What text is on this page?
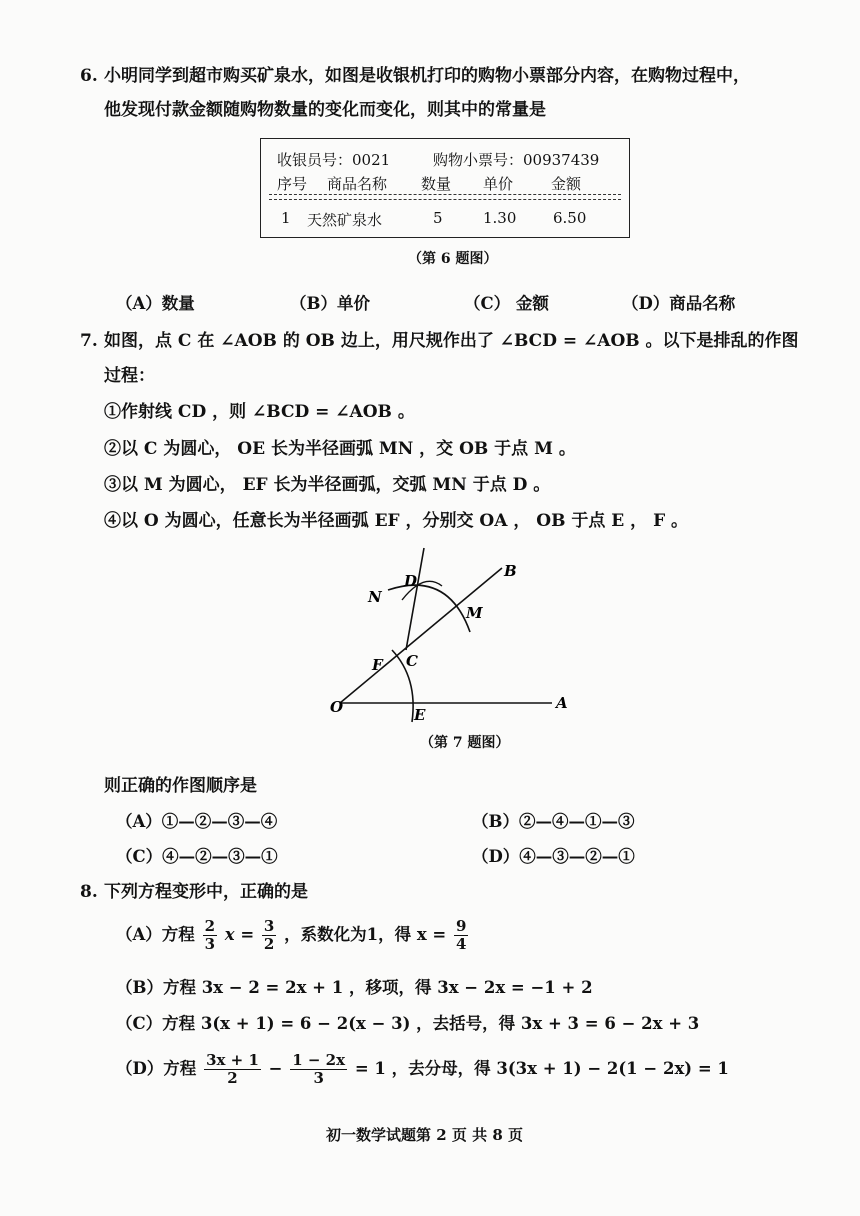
6. 小明同学到超市购买矿泉水，如图是收银机打印的购物小票部分内容，在购物过程中，
他发现付款金额随购物数量的变化而变化，则其中的常量是
收银员号：0021	购物小票号：00937439
序号 商品名称 数量 单价	金额
1 天然矿泉水	5	1.30 6.50
（第 6 题图）
（A）数量	（B）单价	（C） 金额	（D）商品名称
7. 如图，点 C 在 ∠AOB 的 OB 边上，用尺规作出了 ∠BCD = ∠AOB 。以下是排乱的作图
过程：
①作射线 CD ，则 ∠BCD = ∠AOB 。
②以 C 为圆心， OE 长为半径画弧 MN ，交 OB 于点 M 。
③以 M 为圆心， EF 长为半径画弧，交弧 MN 于点 D 。
④以 O 为圆心，任意长为半径画弧 EF ，分别交 OA ， OB 于点 E ， F 。
O	A
B
C
D
E
F
M
N
（第 7 题图）
则正确的作图顺序是
（A）①—②—③—④	（B）②—④—①—③
（C）④—②—③—①	（D）④—③—②—①
8. 下列方程变形中，正确的是
（A）方程 $\frac{2}{3}$ $x = \frac{3}{2}$ ，系数化为1，得 $x = \frac{9}{4}$
（B）方程 3x − 2 = 2x + 1 ，移项，得 3x − 2x = −1 + 2
（C）方程 3(x + 1) = 6 − 2(x − 3) ，去括号，得 3x + 3 = 6 − 2x + 3
（D）方程 $\frac{3x + 1}{2} - \frac{1 - 2x}{3} = 1$ ，去分母，得 3(3x + 1) − 2(1 − 2x) = 1
初一数学试题第 2 页 共 8 页
